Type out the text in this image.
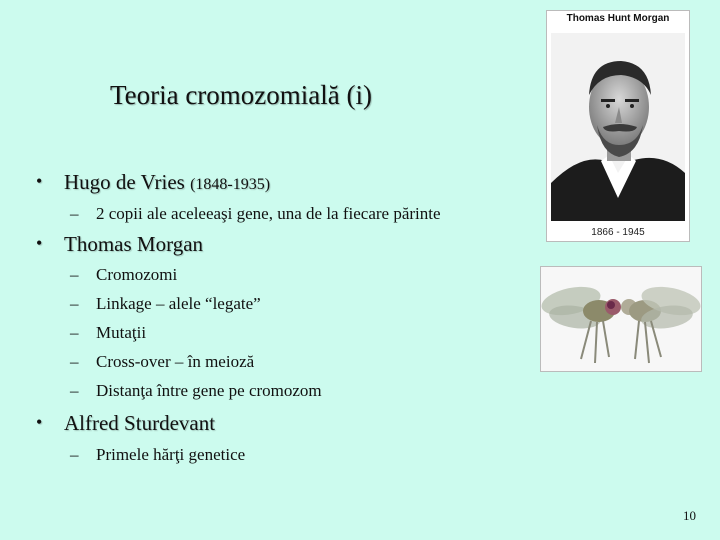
Teoria cromozomială (i)
• Hugo de Vries (1848-1935)
– 2 copii ale aceleeaşi gene, una de la fiecare părinte
• Thomas Morgan
– Cromozomi
– Linkage – alele “legate”
– Mutaţii
– Cross-over – în meioză
– Distanţa între gene pe cromozom
• Alfred Sturdevant
– Primele hărţi genetice
Thomas Hunt Morgan
1866 - 1945
10
